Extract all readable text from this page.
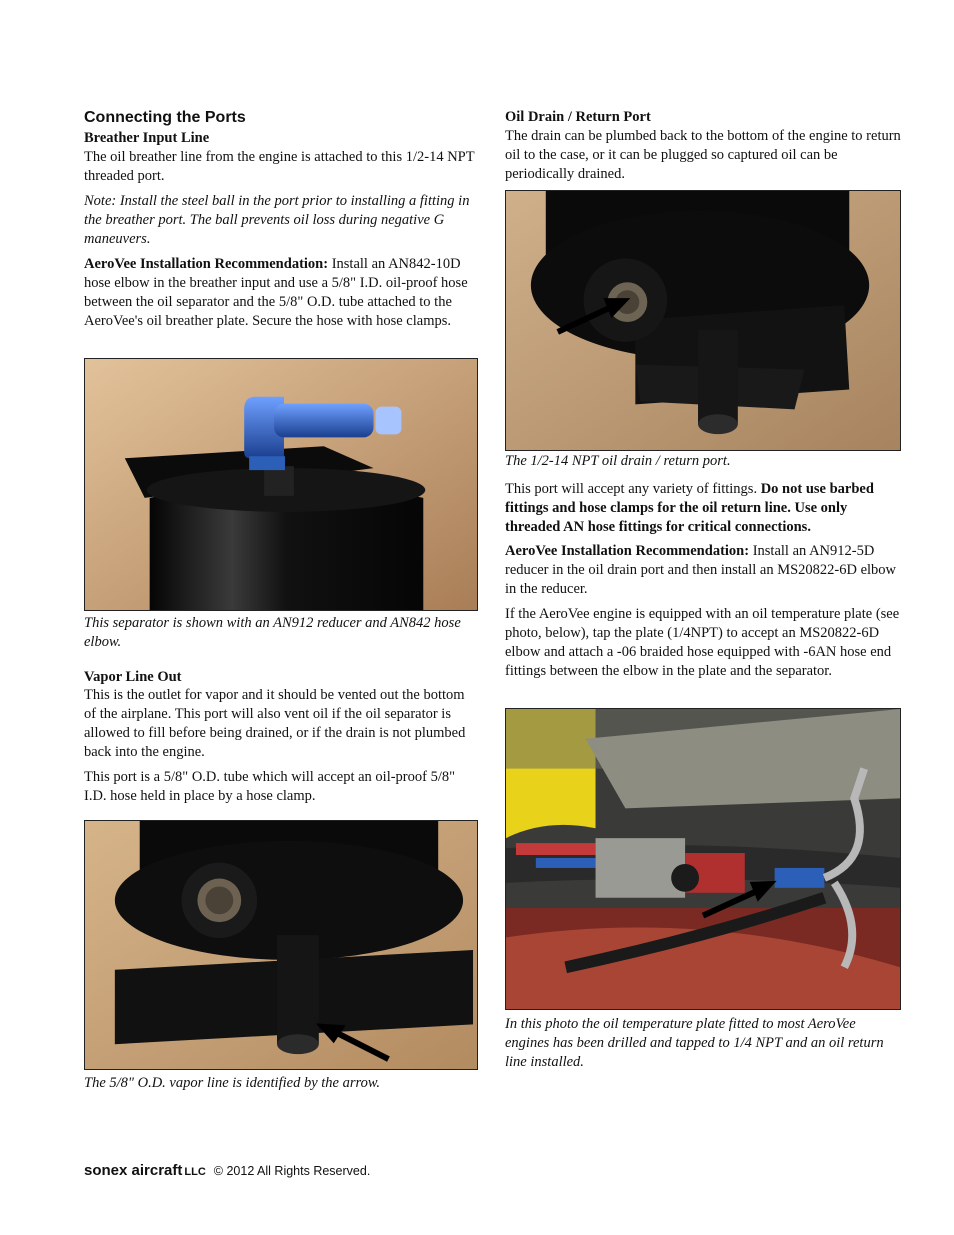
Connecting the Ports
Breather Input Line

The oil breather line from the engine is attached to this 1/2-14 NPT threaded port.

Note: Install the steel ball in the port prior to installing a fitting in the breather port. The ball prevents oil loss during negative G maneuvers.

AeroVee Installation Recommendation: Install an AN842-10D hose elbow in the breather input and use a 5/8" I.D. oil-proof hose between the oil separator and the 5/8" O.D. tube attached to the AeroVee's oil breather plate. Secure the hose with hose clamps.

This separator is shown with an AN912 reducer and AN842 hose elbow.

Vapor Line Out

This is the outlet for vapor and it should be vented out the bottom of the airplane. This port will also vent oil if the oil separator is allowed to fill before being drained, or if the drain is not plumbed back into the engine.

This port is a 5/8" O.D. tube which will accept an oil-proof 5/8" I.D. hose held in place by a hose clamp.

The 5/8" O.D. vapor line is identified by the arrow.

Oil Drain / Return Port

The drain can be plumbed back to the bottom of the engine to return oil to the case, or it can be plugged so captured oil can be periodically drained.

The 1/2-14 NPT oil drain / return port.

This port will accept any variety of fittings. Do not use barbed fittings and hose clamps for the oil return line. Use only threaded AN hose fittings for critical connections.

AeroVee Installation Recommendation: Install an AN912-5D reducer in the oil drain port and then install an MS20822-6D elbow in the reducer.

If the AeroVee engine is equipped with an oil temperature plate (see photo, below), tap the plate (1/4NPT) to accept an MS20822-6D elbow and attach a -06 braided hose equipped with -6AN hose end fittings between the elbow in the plate and the separator.

In this photo the oil temperature plate fitted to most AeroVee engines has been drilled and tapped to 1/4 NPT and an oil return line installed.

sonex aircraft LLC © 2012 All Rights Reserved.
